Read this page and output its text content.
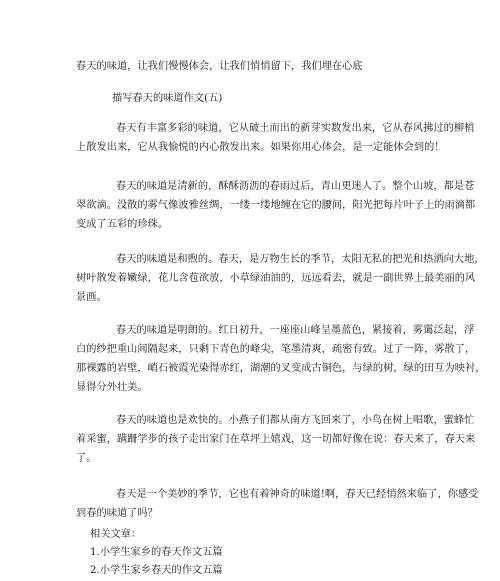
春天的味道，让我们慢慢体会，让我们悄悄留下，我们埋在心底
描写春天的味道作文(五)
春天有丰富多彩的味道，它从破土而出的新芽实数发出来，它从春风拂过的柳梢
上散发出来，它从我愉悦的内心散发出来。如果你用心体会，是一定能体会到的！
春天的味道是清新的，酥酥沥沥的春雨过后，青山更迷人了。整个山坡，都是苍
翠欲滴。没散的雾气像波雅丝绸，一缕一缕地缠在它的腰间，阳光把每片叶子上的雨滴都
变成了五彩的珍珠。
春天的味道是和煦的。春天，是万物生长的季节，太阳无私的把光和热洒向大地，
树叶散发着嫩绿，花儿含苞欲放，小草绿油油的，远远看去，就是一副世界上最美丽的风
景画。
春天的味道是明朗的。红日初升，一座座山峰呈墨蓝色，紧接着，雾霭泛起，浮
白的纱把重山间隔起来，只剩下青色的峰尖，笔墨清爽，疏密有致。过了一阵，雾散了，
那裸露的岩壁，峭石被霞光染得赤红，湖潮的叉变成古铜色，与绿的树，绿的田互为映衬，
显得分外壮美。
春天的味道也是欢快的。小燕子们都从南方飞回来了，小鸟在树上唱歌，蜜蜂忙
着采蜜，蹒跚学步的孩子走出家门在草坪上嬉戏，这一切都好像在说：春天来了，春天来
了。
春天是一个美妙的季节，它也有着神奇的味道!啊，春天已经悄然来临了，你感受
到春的味道了吗？
相关文章：
1.小学生家乡的春天作文五篇
2.小学生家乡春天的作文五篇
